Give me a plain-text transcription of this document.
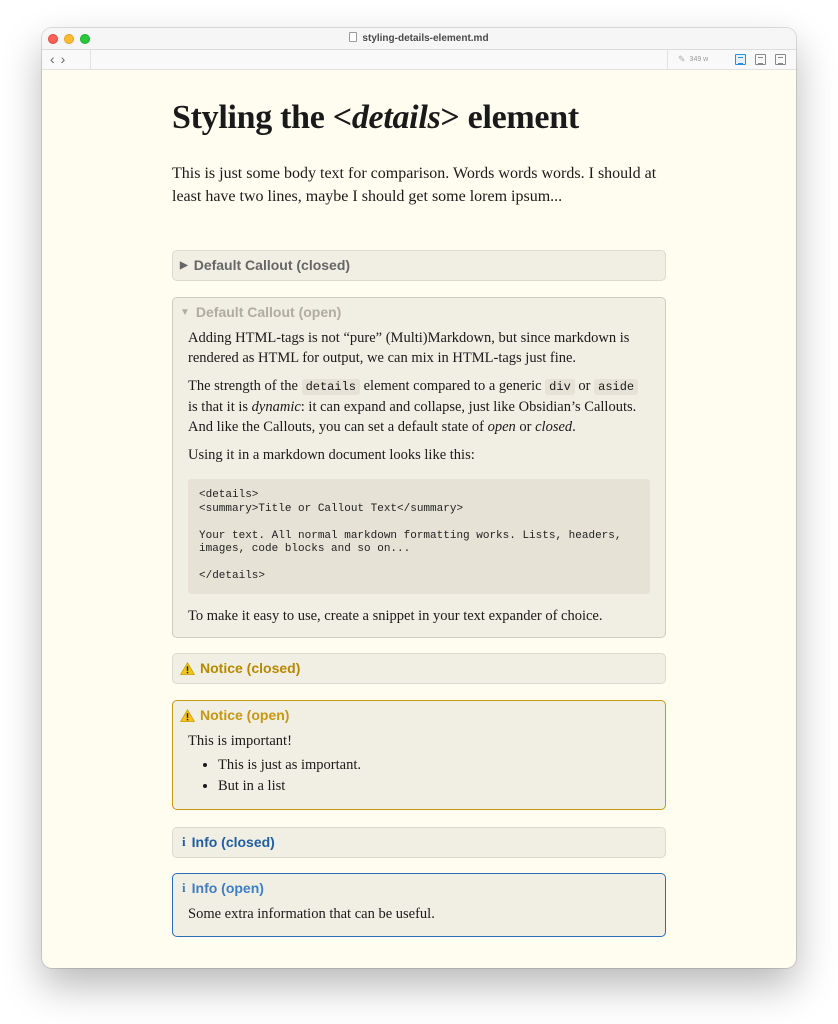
styling-details-element.md
‹ ›	✎ 349 w
Styling the <details> element

This is just some body text for comparison. Words words words. I should at least have two lines, maybe I should get some lorem ipsum...

▶ Default Callout (closed)
▼ Default Callout (open)

Adding HTML-tags is not “pure” (Multi)Markdown, but since markdown is rendered as HTML for output, we can mix in HTML-tags just fine.

The strength of the details element compared to a generic div or aside is that it is dynamic: it can expand and collapse, just like Obsidian’s Callouts. And like the Callouts, you can set a default state of open or closed.

Using it in a markdown document looks like this:

<details>
<summary>Title or Callout Text</summary>

Your text. All normal markdown formatting works. Lists, headers,
images, code blocks and so on...

</details>

To make it easy to use, create a snippet in your text expander of choice.

Notice (closed)
Notice (open)

This is important!

• This is just as important.
• But in a list
i Info (closed)
i Info (open)

Some extra information that can be useful.
